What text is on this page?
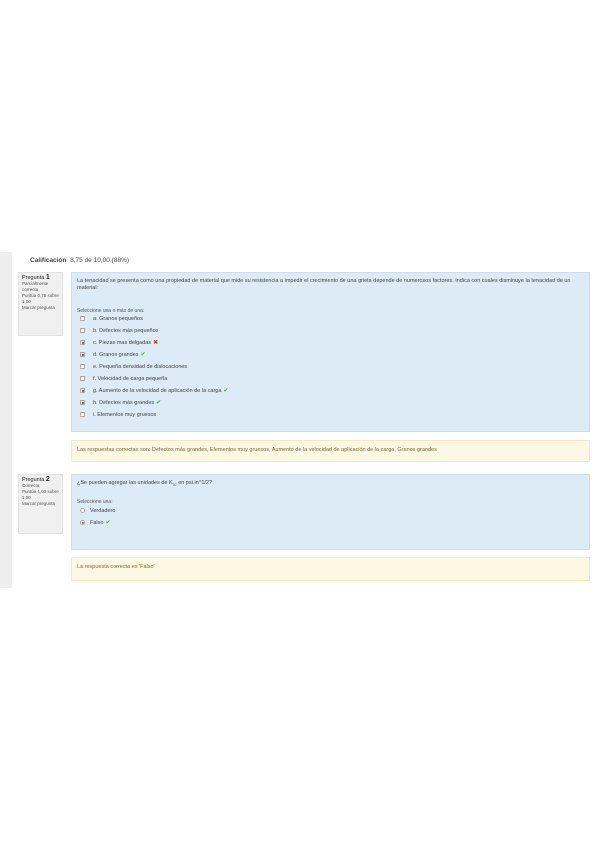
Calificación 8,75 de 10,00 (88%)
Pregunta 1
Parcialmente correcta
Puntúa 0,75 sobre 1,00
Marcar pregunta
La tenacidad se presenta como una propiedad de material que mide su resistencia a impedir el crecimiento de una grieta depende de numerosos factores. Indica con cuales disminuye la tenacidad de un material:
Seleccione una o más de una:
a. Granos pequeños
b. Defectos más pequeños
c. Piezas mas delgadas ✖
d. Granos grandes ✔
e. Pequeña densidad de dislocaciones
f. Velocidad de carga pequeña
g. Aumento de la velocidad de aplicación de la carga ✔
h. Defectos más grandes ✔
i. Elementos muy gruesos
Las respuestas correctas son: Defectos más grandes, Elementos muy gruesos, Aumento de la velocidad de aplicación de la carga, Granos grandes
Pregunta 2
Correcta
Puntúa 1,00 sobre 1,00
Marcar pregunta
¿Se pueden agregar las unidades de $K_{IC}$ en psi.in^1/2?
Seleccione una:
Verdadero
Falso ✔
La respuesta correcta es 'Falso'
